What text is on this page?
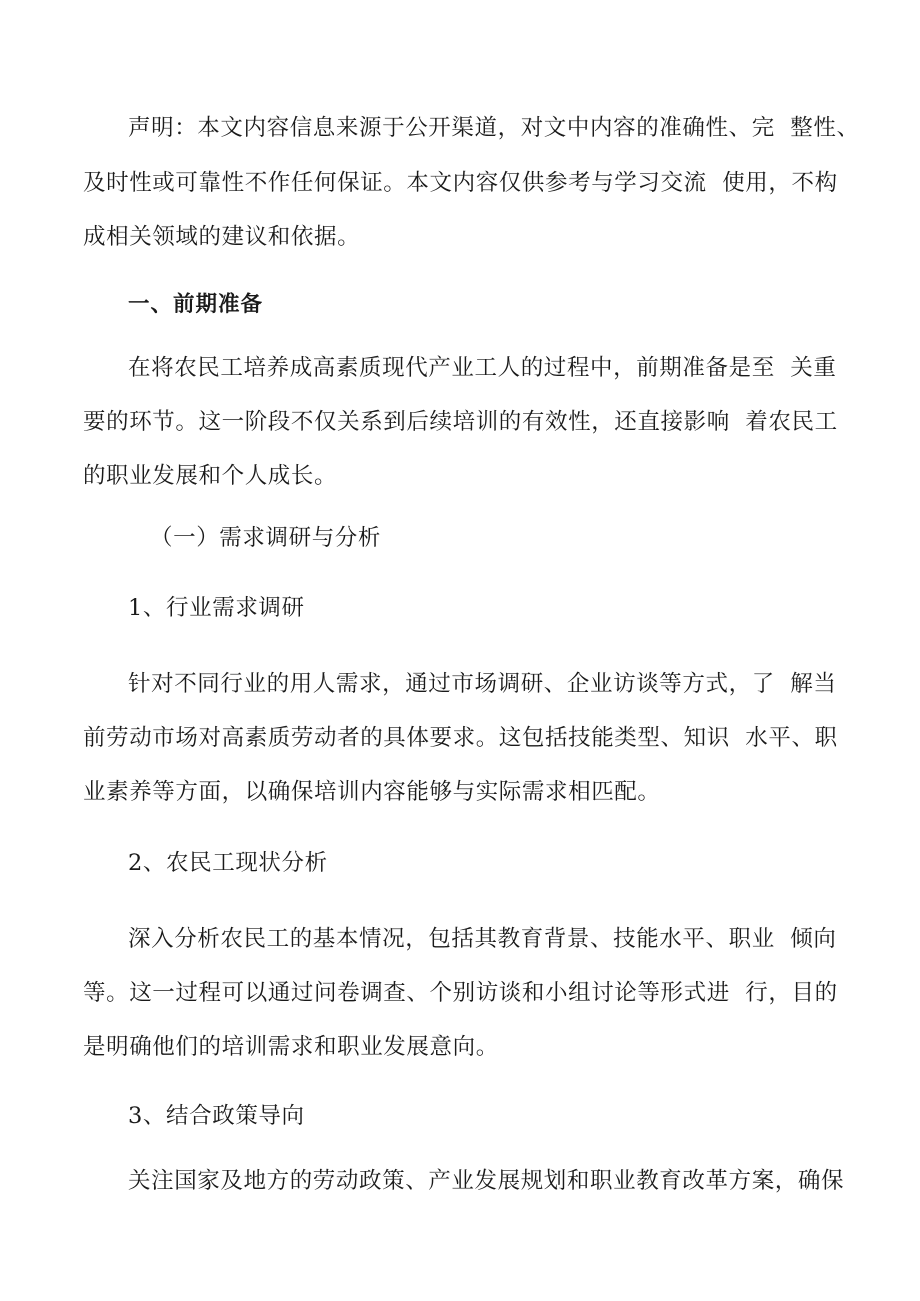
声明：本文内容信息来源于公开渠道，对文中内容的准确性、完  整性、
及时性或可靠性不作任何保证。本文内容仅供参考与学习交流  使用，不构
成相关领域的建议和依据。
一、前期准备
在将农民工培养成高素质现代产业工人的过程中，前期准备是至  关重
要的环节。这一阶段不仅关系到后续培训的有效性，还直接影响  着农民工
的职业发展和个人成长。
（一）需求调研与分析
1、行业需求调研
针对不同行业的用人需求，通过市场调研、企业访谈等方式，了  解当
前劳动市场对高素质劳动者的具体要求。这包括技能类型、知识  水平、职
业素养等方面，以确保培训内容能够与实际需求相匹配。
2、农民工现状分析
深入分析农民工的基本情况，包括其教育背景、技能水平、职业  倾向
等。这一过程可以通过问卷调查、个别访谈和小组讨论等形式进  行，目的
是明确他们的培训需求和职业发展意向。
3、结合政策导向
关注国家及地方的劳动政策、产业发展规划和职业教育改革方案，确保
